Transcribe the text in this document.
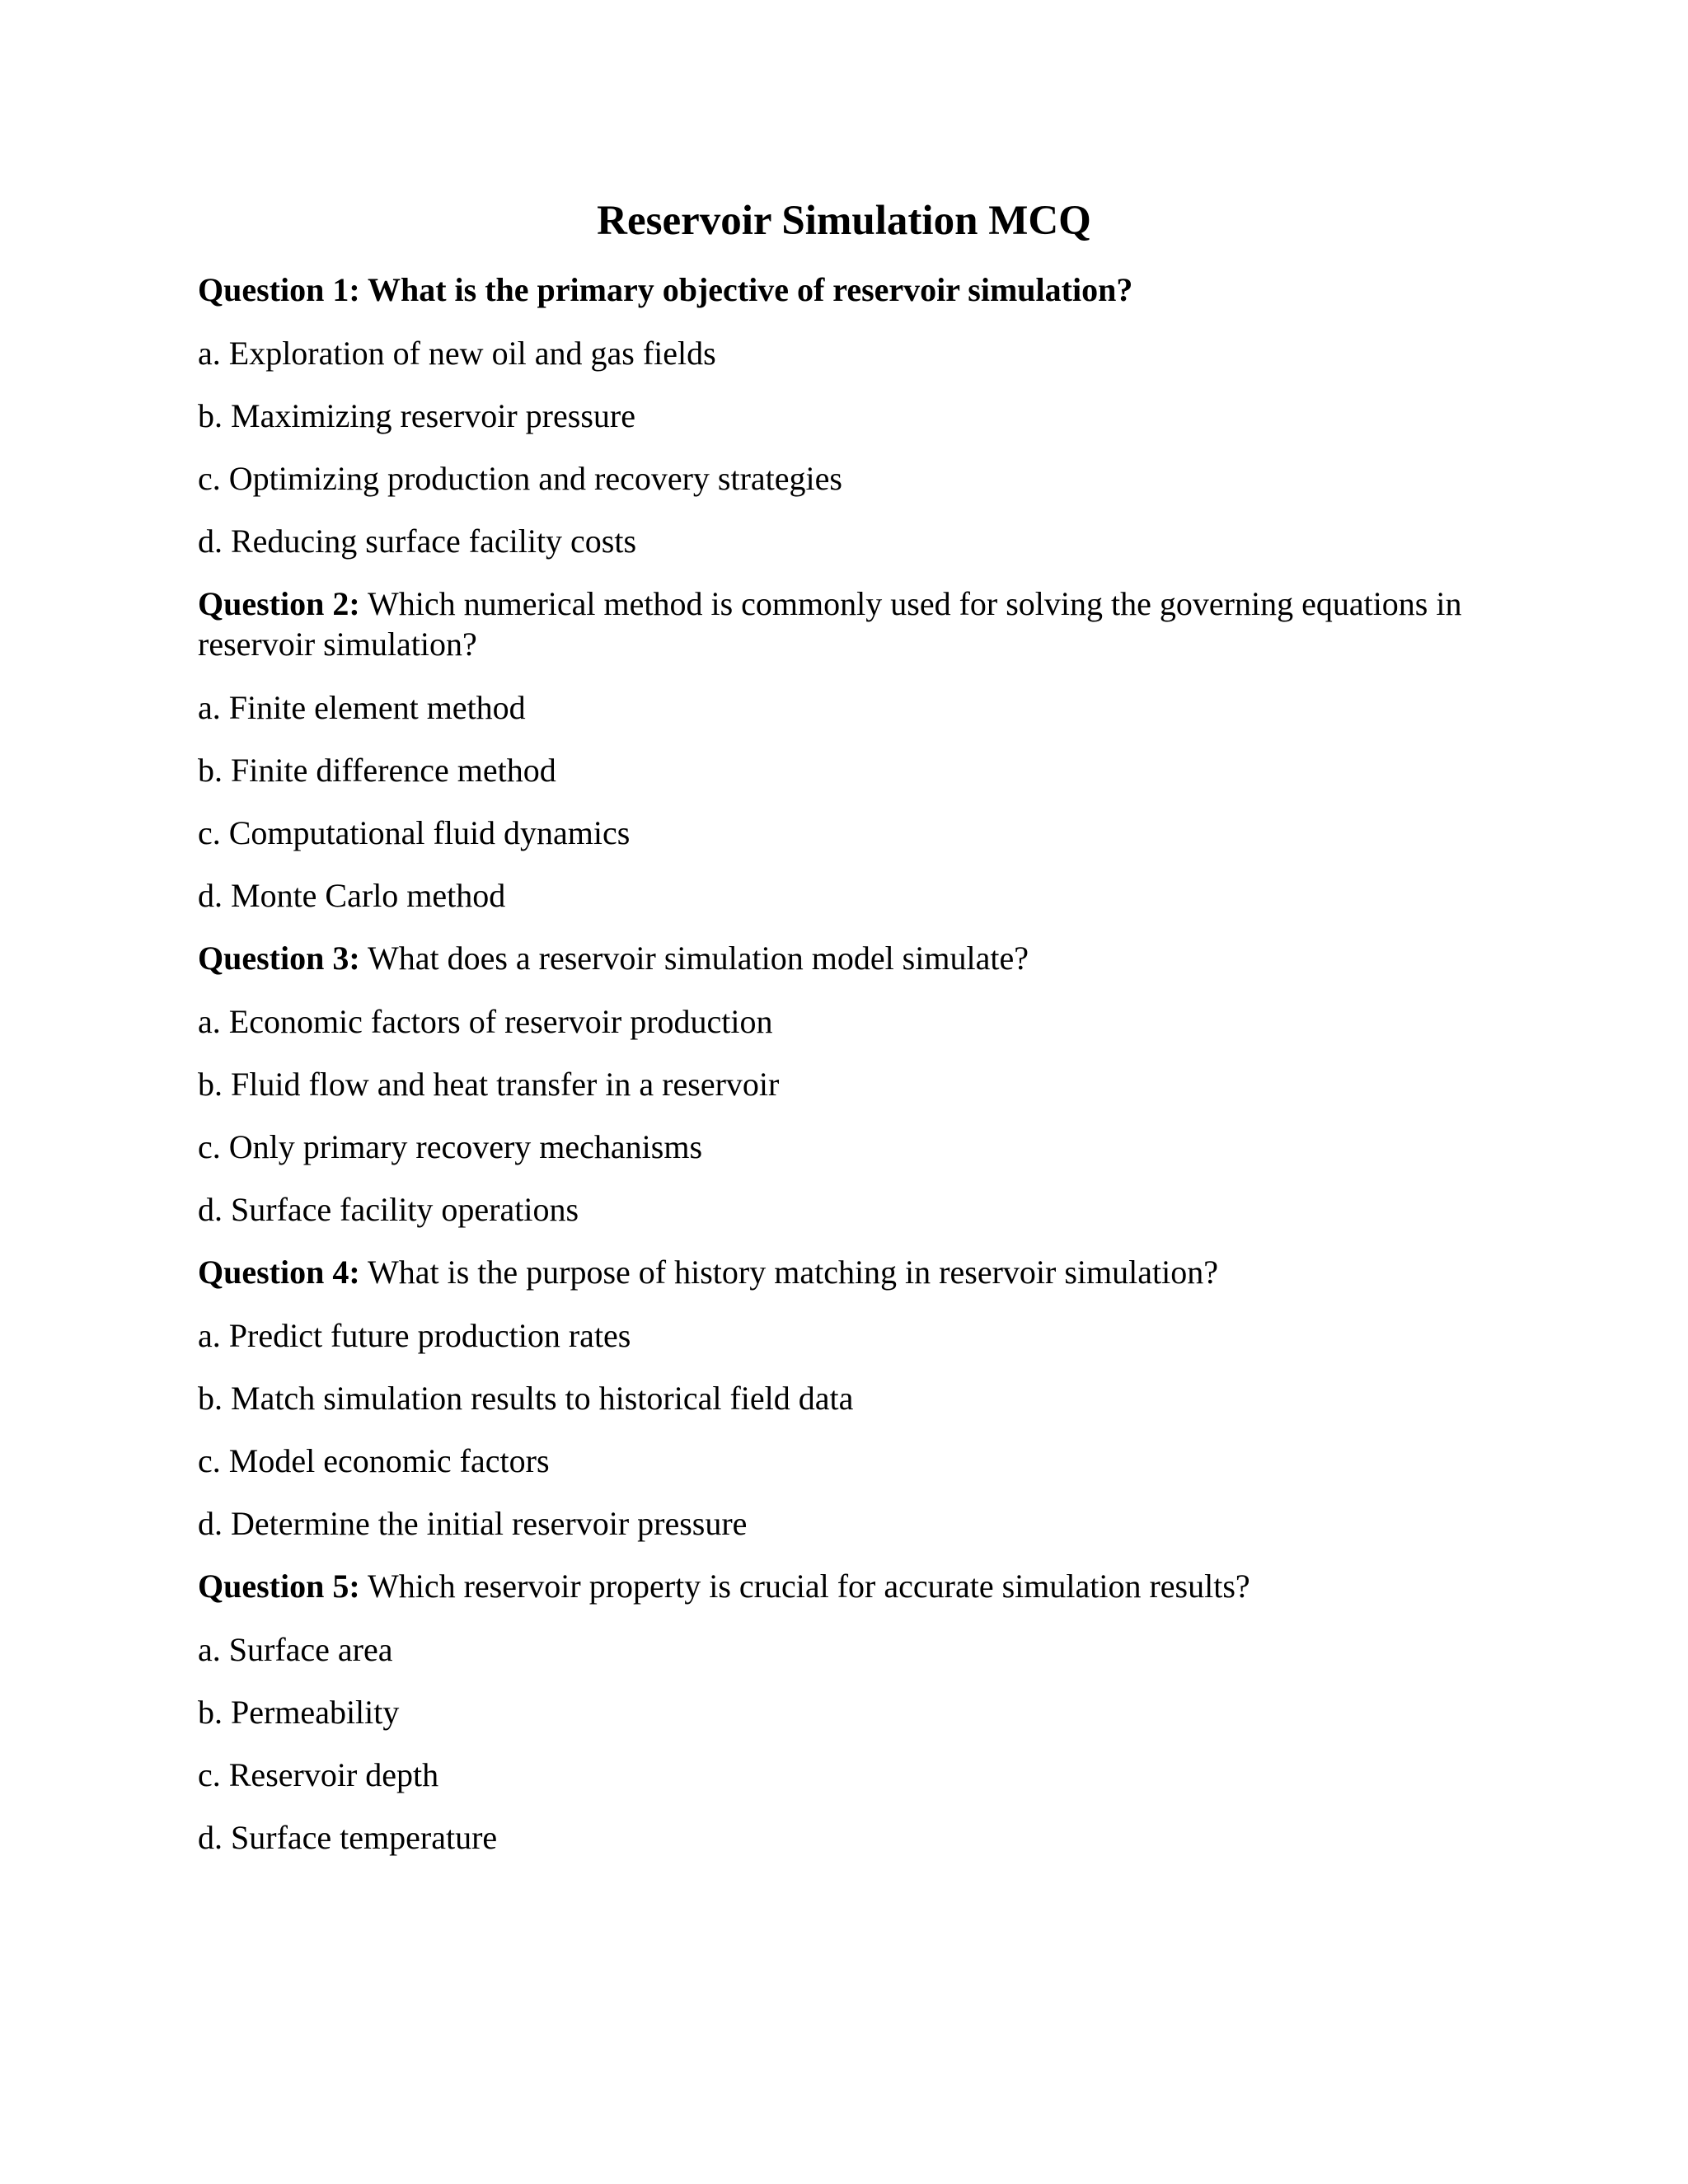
Reservoir Simulation MCQ

Question 1: What is the primary objective of reservoir simulation?

a. Exploration of new oil and gas fields

b. Maximizing reservoir pressure

c. Optimizing production and recovery strategies

d. Reducing surface facility costs

Question 2: Which numerical method is commonly used for solving the governing equations in reservoir simulation?

a. Finite element method

b. Finite difference method

c. Computational fluid dynamics

d. Monte Carlo method

Question 3: What does a reservoir simulation model simulate?

a. Economic factors of reservoir production

b. Fluid flow and heat transfer in a reservoir

c. Only primary recovery mechanisms

d. Surface facility operations

Question 4: What is the purpose of history matching in reservoir simulation?

a. Predict future production rates

b. Match simulation results to historical field data

c. Model economic factors

d. Determine the initial reservoir pressure

Question 5: Which reservoir property is crucial for accurate simulation results?

a. Surface area

b. Permeability

c. Reservoir depth

d. Surface temperature
